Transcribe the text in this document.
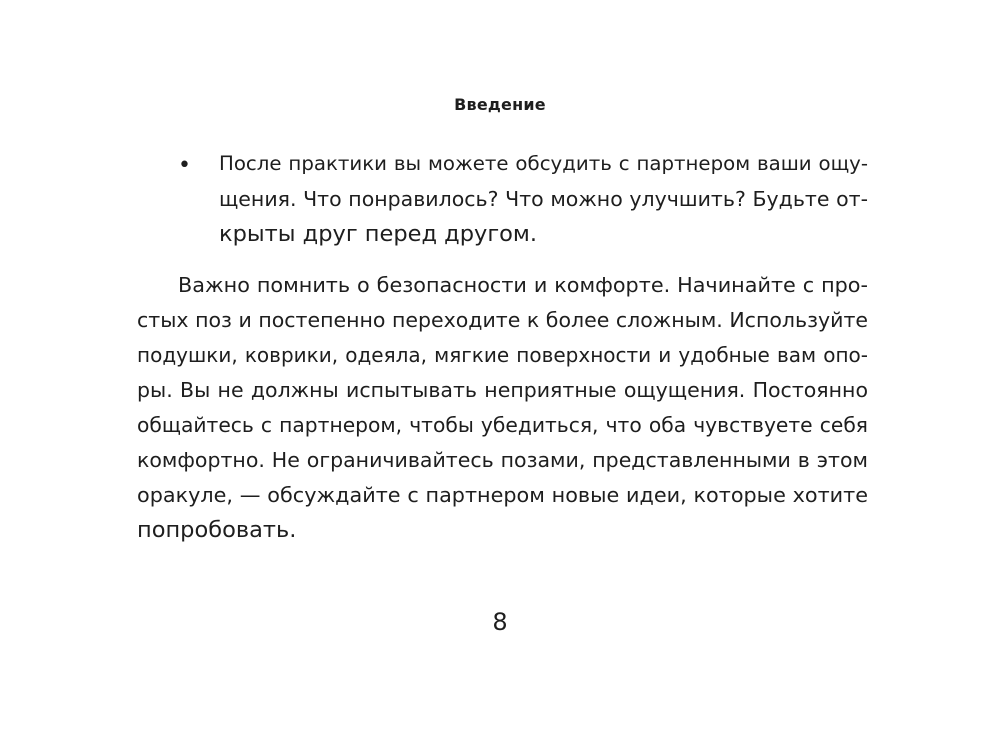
Введение
• После практики вы можете обсудить с партнером ваши ощу-
щения. Что понравилось? Что можно улучшить? Будьте от-
крыты друг перед другом.
Важно помнить о безопасности и комфорте. Начинайте с про-
стых поз и постепенно переходите к более сложным. Используйте
подушки, коврики, одеяла, мягкие поверхности и удобные вам опо-
ры. Вы не должны испытывать неприятные ощущения. Постоянно
общайтесь с партнером, чтобы убедиться, что оба чувствуете себя
комфортно. Не ограничивайтесь позами, представленными в этом
оракуле, — обсуждайте с партнером новые идеи, которые хотите
попробовать.
8
